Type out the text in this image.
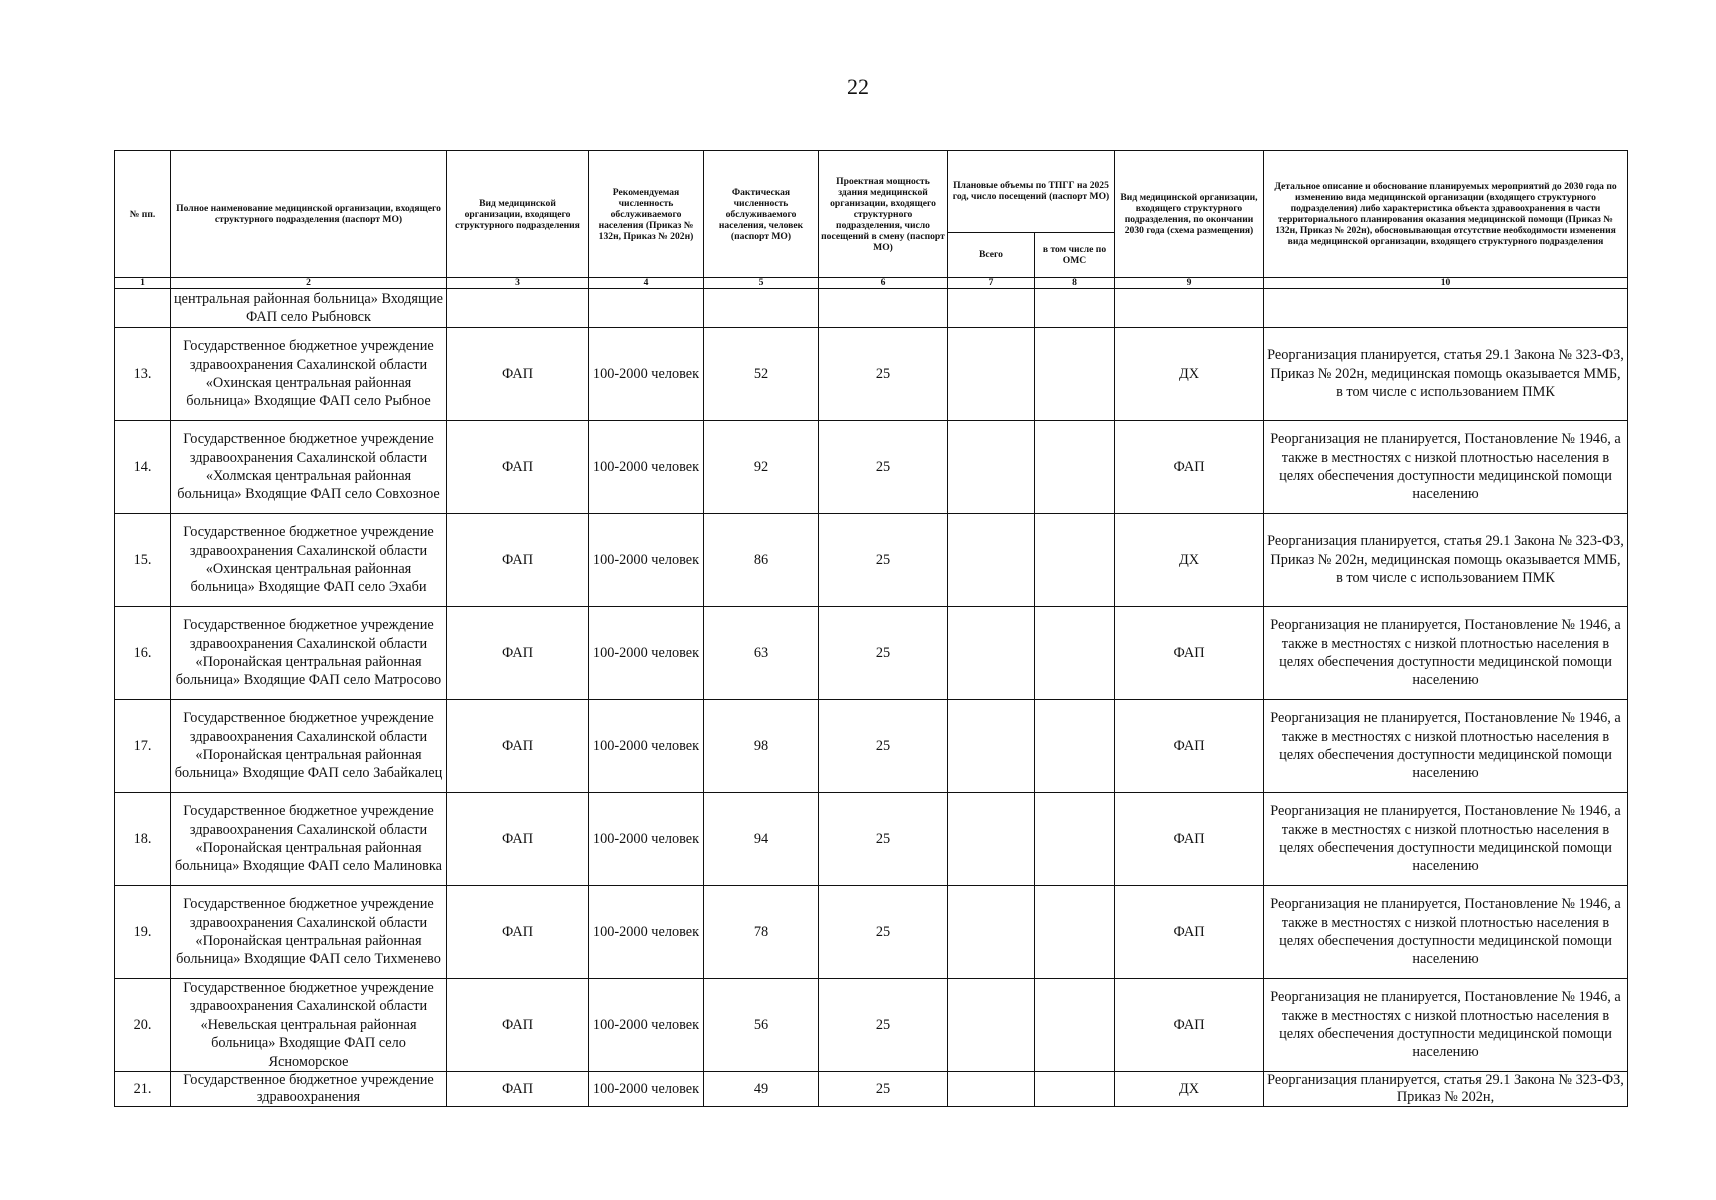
22
№ пп.	Полное наименование медицинской организации, входящего структурного подразделения (паспорт МО)	Вид медицинской организации, входящего структурного подразделения	Рекомендуемая численность обслуживаемого населения (Приказ № 132н, Приказ № 202н)	Фактическая численность обслуживаемого населения, человек (паспорт МО)	Проектная мощность здания медицинской организации, входящего структурного подразделения, число посещений в смену (паспорт МО)	Плановые объемы по ТПГГ на 2025 год, число посещений (паспорт МО)		Вид медицинской организации, входящего структурного подразделения, по окончании 2030 года (схема размещения)	Детальное описание и обоснование планируемых мероприятий до 2030 года по изменению вида медицинской организации (входящего структурного подразделения) либо характеристика объекта здравоохранения в части территориального планирования оказания медицинской помощи (Приказ № 132н, Приказ № 202н), обосновывающая отсутствие необходимости изменения вида медицинской организации, входящего структурного подразделения
						Всего	в том числе по ОМС		
1	2	3	4	5	6	7	8	9	10
	центральная районная больница» Входящие ФАП село Рыбновск								
13.	Государственное бюджетное учреждение здравоохранения Сахалинской области «Охинская центральная районная больница» Входящие ФАП село Рыбное	ФАП	100-2000 человек	52	25			ДХ	Реорганизация планируется, статья 29.1 Закона № 323-ФЗ, Приказ № 202н, медицинская помощь оказывается ММБ, в том числе с использованием ПМК
14.	Государственное бюджетное учреждение здравоохранения Сахалинской области «Холмская центральная районная больница» Входящие ФАП село Совхозное	ФАП	100-2000 человек	92	25			ФАП	Реорганизация не планируется, Постановление № 1946, а также в местностях с низкой плотностью населения в целях обеспечения доступности медицинской помощи населению
15.	Государственное бюджетное учреждение здравоохранения Сахалинской области «Охинская центральная районная больница» Входящие ФАП село Эхаби	ФАП	100-2000 человек	86	25			ДХ	Реорганизация планируется, статья 29.1 Закона № 323-ФЗ, Приказ № 202н, медицинская помощь оказывается ММБ, в том числе с использованием ПМК
16.	Государственное бюджетное учреждение здравоохранения Сахалинской области «Поронайская центральная районная больница» Входящие ФАП село Матросово	ФАП	100-2000 человек	63	25			ФАП	Реорганизация не планируется, Постановление № 1946, а также в местностях с низкой плотностью населения в целях обеспечения доступности медицинской помощи населению
17.	Государственное бюджетное учреждение здравоохранения Сахалинской области «Поронайская центральная районная больница» Входящие ФАП село Забайкалец	ФАП	100-2000 человек	98	25			ФАП	Реорганизация не планируется, Постановление № 1946, а также в местностях с низкой плотностью населения в целях обеспечения доступности медицинской помощи населению
18.	Государственное бюджетное учреждение здравоохранения Сахалинской области «Поронайская центральная районная больница» Входящие ФАП село Малиновка	ФАП	100-2000 человек	94	25			ФАП	Реорганизация не планируется, Постановление № 1946, а также в местностях с низкой плотностью населения в целях обеспечения доступности медицинской помощи населению
19.	Государственное бюджетное учреждение здравоохранения Сахалинской области «Поронайская центральная районная больница» Входящие ФАП село Тихменево	ФАП	100-2000 человек	78	25			ФАП	Реорганизация не планируется, Постановление № 1946, а также в местностях с низкой плотностью населения в целях обеспечения доступности медицинской помощи населению
20.	Государственное бюджетное учреждение здравоохранения Сахалинской области «Невельская центральная районная больница» Входящие ФАП село Ясноморское	ФАП	100-2000 человек	56	25			ФАП	Реорганизация не планируется, Постановление № 1946, а также в местностях с низкой плотностью населения в целях обеспечения доступности медицинской помощи населению
21.	Государственное бюджетное учреждение здравоохранения	ФАП	100-2000 человек	49	25			ДХ	Реорганизация планируется, статья 29.1 Закона № 323-ФЗ, Приказ № 202н,
